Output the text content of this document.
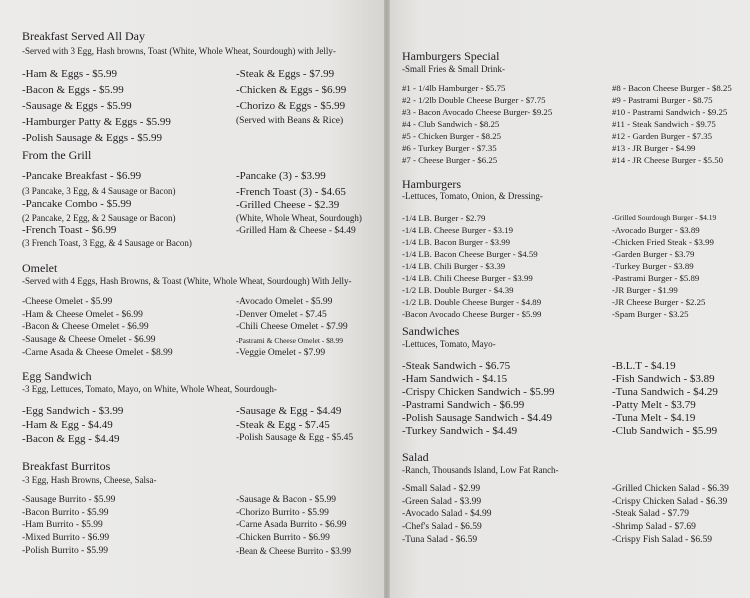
Breakfast Served All Day
-Served with 3 Egg, Hash browns, Toast (White, Whole Wheat, Sourdough) with Jelly-
-Ham & Eggs - $5.99
-Bacon & Eggs - $5.99
-Sausage & Eggs - $5.99
-Hamburger Patty & Eggs - $5.99
-Polish Sausage & Eggs - $5.99
-Steak & Eggs - $7.99
-Chicken & Eggs - $6.99
-Chorizo & Eggs - $5.99
(Served with Beans & Rice)
From the Grill
-Pancake Breakfast - $6.99
(3 Pancake, 3 Egg, & 4 Sausage or Bacon)
-Pancake Combo - $5.99
(2 Pancake, 2 Egg, & 2 Sausage or Bacon)
-French Toast - $6.99
(3 French Toast, 3 Egg, & 4 Sausage or Bacon)
-Pancake (3) - $3.99
-French Toast (3) - $4.65
-Grilled Cheese - $2.39
(White, Whole Wheat, Sourdough)
-Grilled Ham & Cheese - $4.49
Omelet
-Served with 4 Eggs, Hash Browns, & Toast (White, Whole Wheat, Sourdough) With Jelly-
-Cheese Omelet - $5.99
-Ham & Cheese Omelet - $6.99
-Bacon & Cheese Omelet - $6.99
-Sausage & Cheese Omelet - $6.99
-Carne Asada & Cheese Omelet - $8.99
-Avocado Omelet - $5.99
-Denver Omelet - $7.45
-Chili Cheese Omelet - $7.99
-Pastrami & Cheese Omelet - $8.99
-Veggie Omelet - $7.99
Egg Sandwich
-3 Egg, Lettuces, Tomato, Mayo, on White, Whole Wheat, Sourdough-
-Egg Sandwich - $3.99
-Ham & Egg - $4.49
-Bacon & Egg - $4.49
-Sausage & Egg - $4.49
-Steak & Egg - $7.45
-Polish Sausage & Egg - $5.45
Breakfast Burritos
-3 Egg, Hash Browns, Cheese, Salsa-
-Sausage Burrito - $5.99
-Bacon Burrito - $5.99
-Ham Burrito - $5.99
-Mixed Burrito - $6.99
-Polish Burrito - $5.99
-Sausage & Bacon - $5.99
-Chorizo Burrito - $5.99
-Carne Asada Burrito - $6.99
-Chicken Burrito - $6.99
-Bean & Cheese Burrito - $3.99
Hamburgers Special
-Small Fries & Small Drink-
#1 - 1/4lb Hamburger - $5.75
#2 - 1/2lb Double Cheese Burger - $7.75
#3 - Bacon Avocado Cheese Burger- $9.25
#4 - Club Sandwich - $8.25
#5 - Chicken Burger - $8.25
#6 - Turkey Burger - $7.35
#7 - Cheese Burger - $6.25
#8 - Bacon Cheese Burger - $8.25
#9 - Pastrami Burger - $8.75
#10 - Pastrami Sandwich - $9.25
#11 - Steak Sandwich - $9.75
#12 - Garden Burger - $7.35
#13 - JR Burger - $4.99
#14 - JR Cheese Burger - $5.50
Hamburgers
-Lettuces, Tomato, Onion, & Dressing-
-1/4 LB. Burger - $2.79
-1/4 LB. Cheese Burger - $3.19
-1/4 LB. Bacon Burger - $3.99
-1/4 LB. Bacon Cheese Burger - $4.59
-1/4 LB. Chili Burger - $3.39
-1/4 LB. Chili Cheese Burger - $3.99
-1/2 LB. Double Burger - $4.39
-1/2 LB. Double Cheese Burger - $4.89
-Bacon Avocado Cheese Burger - $5.99
-Grilled Sourdough Burger - $4.19
-Avocado Burger - $3.89
-Chicken Fried Steak - $3.99
-Garden Burger - $3.79
-Turkey Burger - $3.89
-Pastrami Burger - $5.89
-JR Burger - $1.99
-JR Cheese Burger - $2.25
-Spam Burger - $3.25
Sandwiches
-Lettuces, Tomato, Mayo-
-Steak Sandwich - $6.75
-Ham Sandwich - $4.15
-Crispy Chicken Sandwich - $5.99
-Pastrami Sandwich - $6.99
-Polish Sausage Sandwich - $4.49
-Turkey Sandwich - $4.49
-B.L.T - $4.19
-Fish Sandwich - $3.89
-Tuna Sandwich - $4.29
-Patty Melt - $3.79
-Tuna Melt - $4.19
-Club Sandwich - $5.99
Salad
-Ranch, Thousands Island, Low Fat Ranch-
-Small Salad - $2.99
-Green Salad - $3.99
-Avocado Salad - $4.99
-Chef's Salad - $6.59
-Tuna Salad - $6.59
-Grilled Chicken Salad - $6.39
-Crispy Chicken Salad - $6.39
-Steak Salad - $7.79
-Shrimp Salad - $7.69
-Crispy Fish Salad - $6.59
